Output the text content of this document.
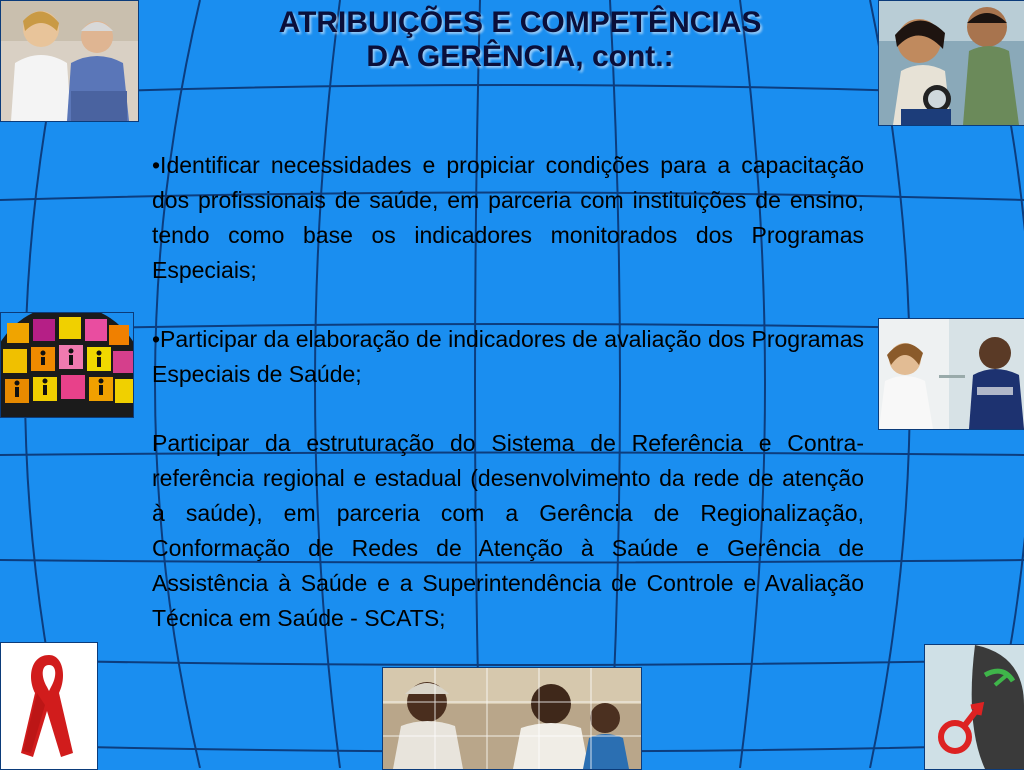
ATRIBUIÇÕES E COMPETÊNCIAS
DA GERÊNCIA, cont.:

•Identificar necessidades e propiciar condições para a capacitação dos profissionais de saúde, em parceria com instituições de ensino, tendo como base os indicadores monitorados dos Programas Especiais;

•Participar da elaboração de indicadores de avaliação dos Programas Especiais de Saúde;

Participar da estruturação do Sistema de Referência e Contra-referência regional e estadual (desenvolvimento da rede de atenção à saúde), em parceria com a Gerência de Regionalização, Conformação de Redes de Atenção à Saúde e Gerência de Assistência à Saúde e a Superintendência de Controle e Avaliação Técnica em Saúde - SCATS;
